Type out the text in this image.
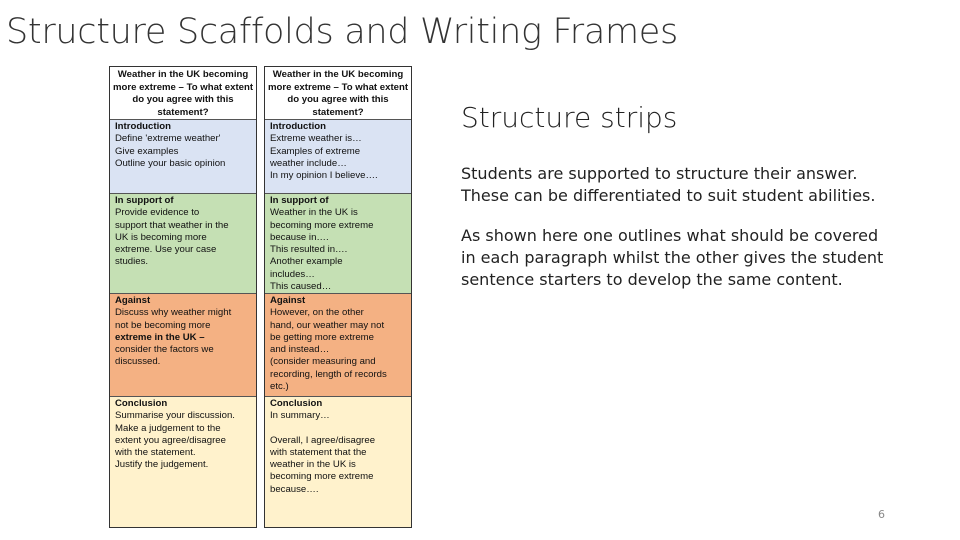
Structure Scaffolds and Writing Frames
Weather in the UK becoming more extreme – To what extent do you agree with this statement?
Introduction
Define 'extreme weather'
Give examples
Outline your basic opinion
In support of
Provide evidence to
support that weather in the
UK is becoming more
extreme. Use your case
studies.
Against
Discuss why weather might
not be becoming more
extreme in the UK –
consider the factors we
discussed.
Conclusion
Summarise your discussion.
Make a judgement to the
extent you agree/disagree
with the statement.
Justify the judgement.
Weather in the UK becoming more extreme – To what extent do you agree with this statement?
Introduction
Extreme weather is…
Examples of extreme
weather include…
In my opinion I believe….
In support of
Weather in the UK is
becoming more extreme
because in….
This resulted in….
Another example
includes…
This caused…
Against
However, on the other
hand, our weather may not
be getting more extreme
and instead…
(consider measuring and
recording, length of records
etc.)
Conclusion
In summary…
Overall, I agree/disagree
with statement that the
weather in the UK is
becoming more extreme
because….
Structure strips
Students are supported to structure their answer.
These can be differentiated to suit student abilities.
As shown here one outlines what should be covered
in each paragraph whilst the other gives the student
sentence starters to develop the same content.
6
